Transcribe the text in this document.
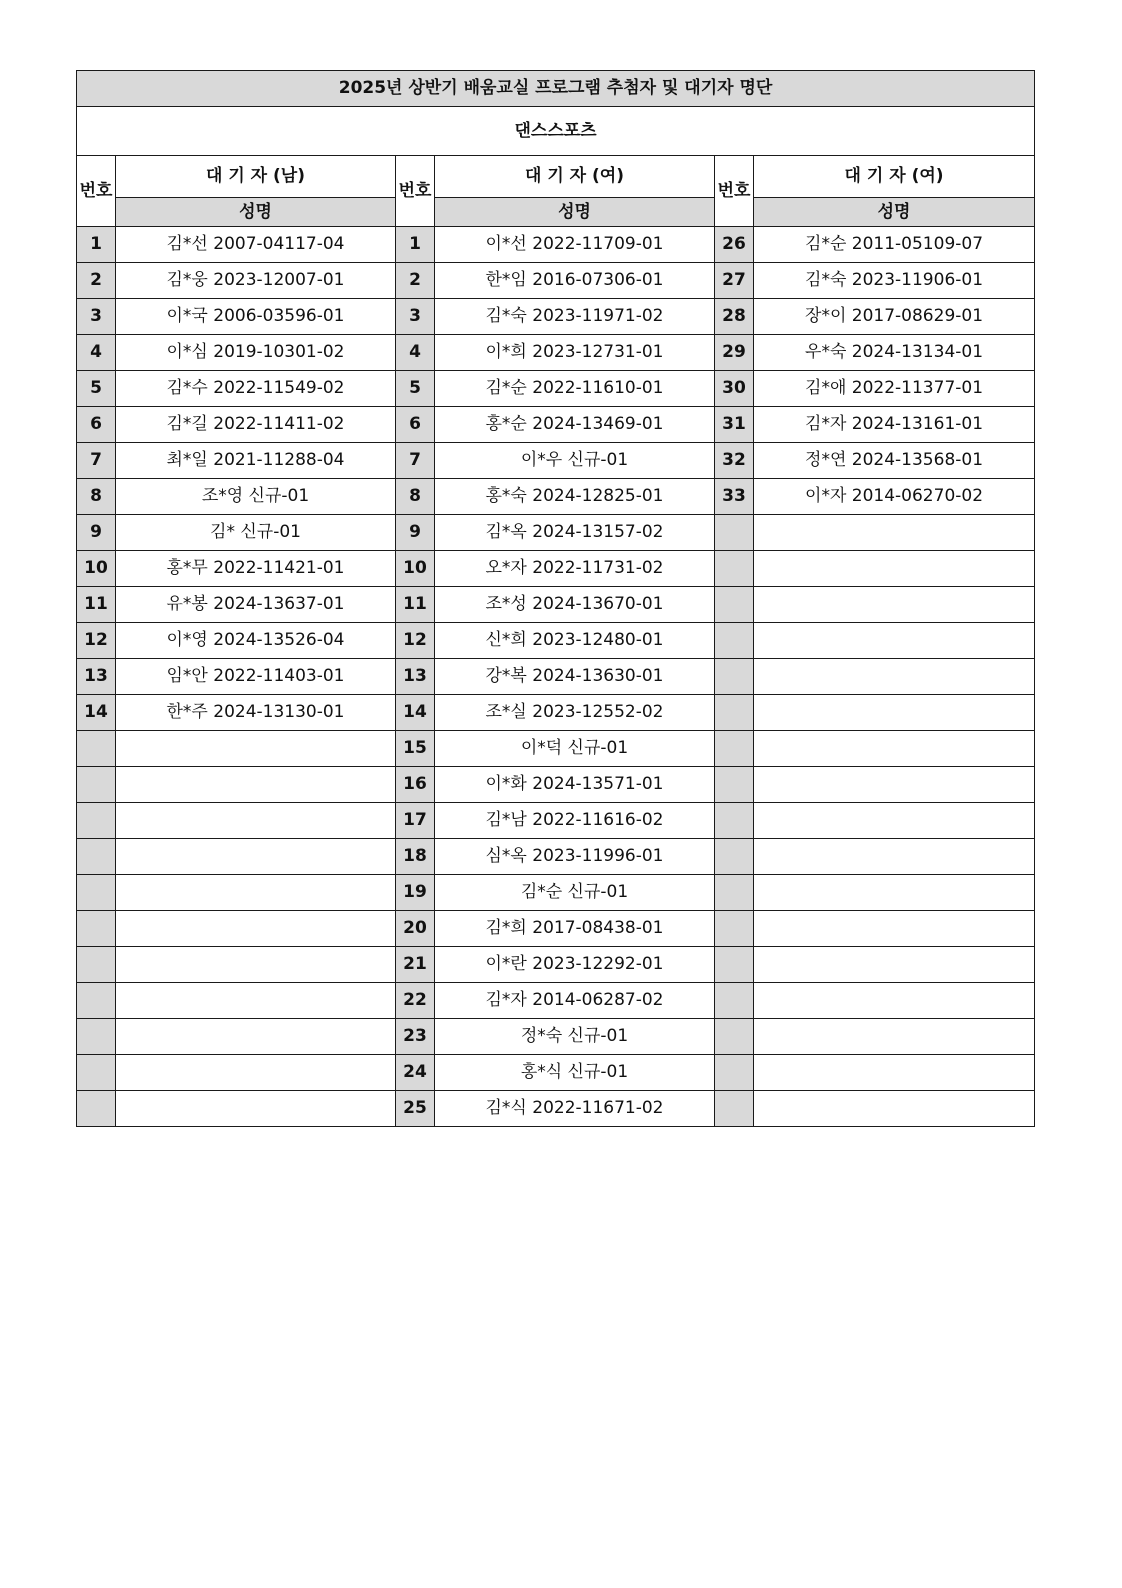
2025년 상반기 배움교실 프로그램 추첨자 및 대기자 명단					
댄스스포츠					
번호	대 기 자 (남)	번호	대 기 자 (여)	번호	대 기 자 (여)
	성명		성명		성명
1	김*선 2007-04117-04	1	이*선 2022-11709-01	26	김*순 2011-05109-07
2	김*웅 2023-12007-01	2	한*임 2016-07306-01	27	김*숙 2023-11906-01
3	이*국 2006-03596-01	3	김*숙 2023-11971-02	28	장*이 2017-08629-01
4	이*심 2019-10301-02	4	이*희 2023-12731-01	29	우*숙 2024-13134-01
5	김*수 2022-11549-02	5	김*순 2022-11610-01	30	김*애 2022-11377-01
6	김*길 2022-11411-02	6	홍*순 2024-13469-01	31	김*자 2024-13161-01
7	최*일 2021-11288-04	7	이*우 신규-01	32	정*연 2024-13568-01
8	조*영 신규-01	8	홍*숙 2024-12825-01	33	이*자 2014-06270-02
9	김* 신규-01	9	김*옥 2024-13157-02		
10	홍*무 2022-11421-01	10	오*자 2022-11731-02		
11	유*봉 2024-13637-01	11	조*성 2024-13670-01		
12	이*영 2024-13526-04	12	신*희 2023-12480-01		
13	임*안 2022-11403-01	13	강*복 2024-13630-01		
14	한*주 2024-13130-01	14	조*실 2023-12552-02		
		15	이*덕 신규-01		
		16	이*화 2024-13571-01		
		17	김*남 2022-11616-02		
		18	심*옥 2023-11996-01		
		19	김*순 신규-01		
		20	김*희 2017-08438-01		
		21	이*란 2023-12292-01		
		22	김*자 2014-06287-02		
		23	정*숙 신규-01		
		24	홍*식 신규-01		
		25	김*식 2022-11671-02		
